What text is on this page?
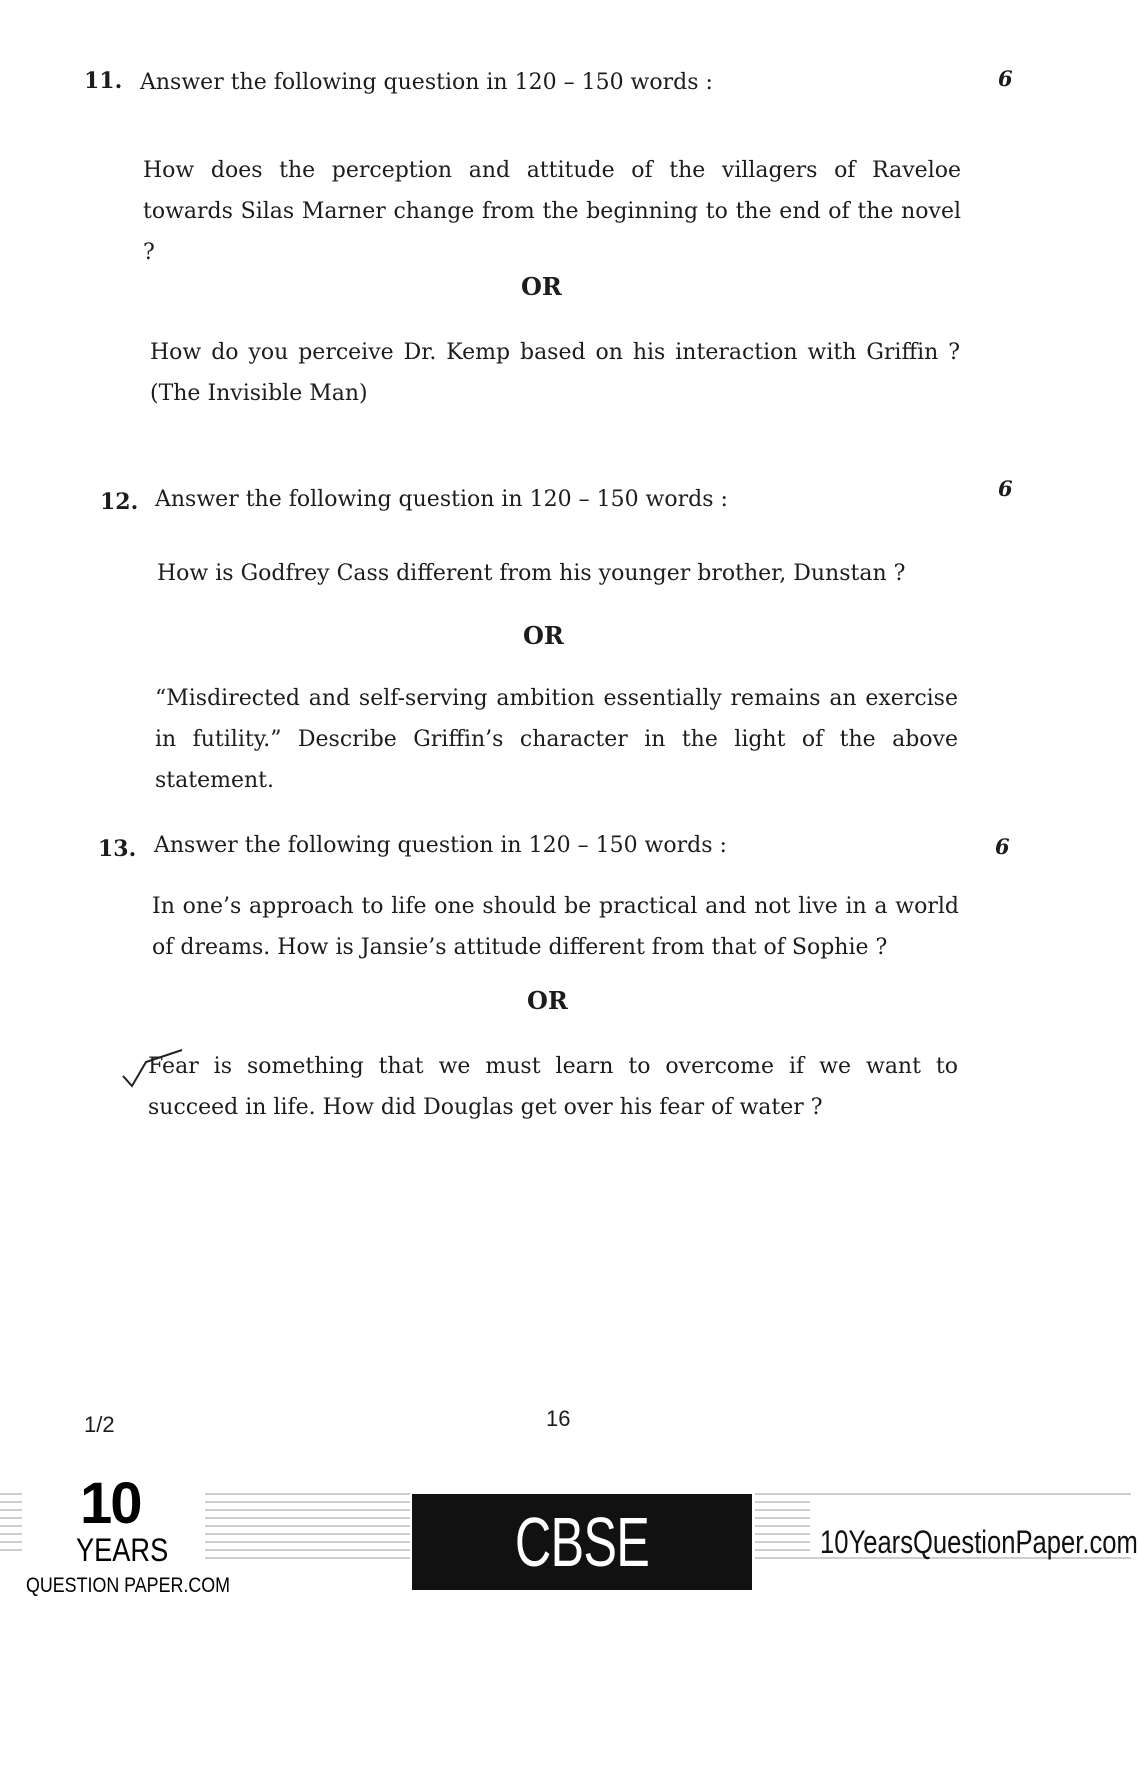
11. Answer the following question in 120 – 150 words :	6
How does the perception and attitude of the villagers of Raveloe towards Silas Marner change from the beginning to the end of the novel ?
OR
How do you perceive Dr. Kemp based on his interaction with Griffin ? (The Invisible Man)
12. Answer the following question in 120 – 150 words :	6
How is Godfrey Cass different from his younger brother, Dunstan ?
OR
“Misdirected and self-serving ambition essentially remains an exercise in futility.” Describe Griffin’s character in the light of the above statement.
13. Answer the following question in 120 – 150 words :	6
In one’s approach to life one should be practical and not live in a world of dreams. How is Jansie’s attitude different from that of Sophie ?
OR
Fear is something that we must learn to overcome if we want to succeed in life. How did Douglas get over his fear of water ?
1/2	16
10
YEARS
QUESTION PAPER.COM
CBSE BOARD XII
10YearsQuestionPaper.com
